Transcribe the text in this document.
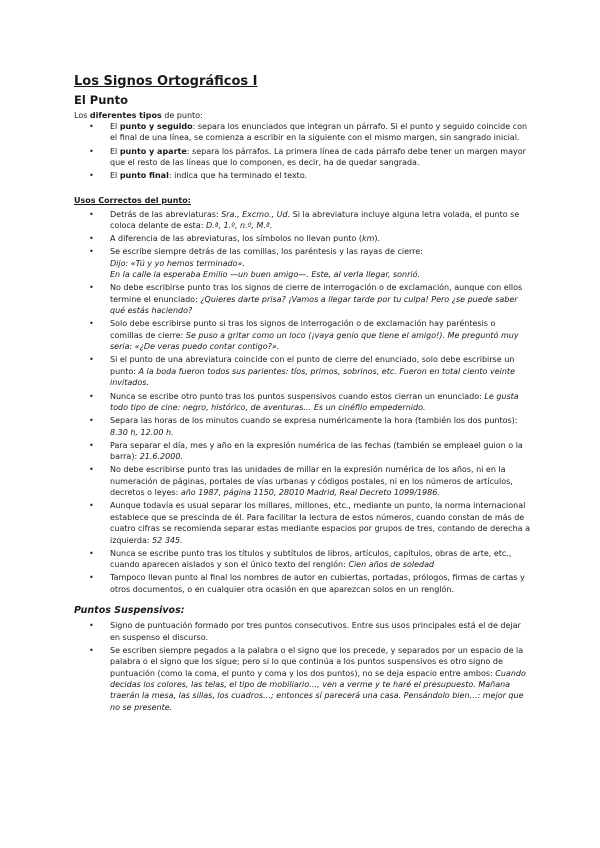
Los Signos Ortográficos I
El Punto

Los diferentes tipos de punto:

• El punto y seguido: separa los enunciados que integran un párrafo. Si el punto y seguido coincide con el final de una línea, se comienza a escribir en la siguiente con el mismo margen, sin sangrado inicial.
• El punto y aparte: separa los párrafos. La primera línea de cada párrafo debe tener un margen mayor que el resto de las líneas que lo componen, es decir, ha de quedar sangrada.
• El punto final: indica que ha terminado el texto.
Usos Correctos del punto:
• Detrás de las abreviaturas: Sra., Excmo., Ud. Si la abreviatura incluye alguna letra volada, el punto se coloca delante de esta: D.ª, 1.º, n.º, M.ª.
• A diferencia de las abreviaturas, los símbolos no llevan punto (km).
• Se escribe siempre detrás de las comillas, los paréntesis y las rayas de cierre:
Dijo: «Tú y yo hemos terminado».
En la calle la esperaba Emilio —un buen amigo—. Este, al verla llegar, sonrió.
• No debe escribirse punto tras los signos de cierre de interrogación o de exclamación, aunque con ellos termine el enunciado: ¿Quieres darte prisa? ¡Vamos a llegar tarde por tu culpa! Pero ¿se puede saber qué estás haciendo?
• Solo debe escribirse punto si tras los signos de interrogación o de exclamación hay paréntesis o comillas de cierre: Se puso a gritar como un loco (¡vaya genio que tiene el amigo!). Me preguntó muy seria: «¿De veras puedo contar contigo?».
• Si el punto de una abreviatura coincide con el punto de cierre del enunciado, solo debe escribirse un punto: A la boda fueron todos sus parientes: tíos, primos, sobrinos, etc. Fueron en total ciento veinte invitados.
• Nunca se escribe otro punto tras los puntos suspensivos cuando estos cierran un enunciado: Le gusta todo tipo de cine: negro, histórico, de aventuras… Es un cinéfilo empedernido.
• Separa las horas de los minutos cuando se expresa numéricamente la hora (también los dos puntos): 8.30 h, 12.00 h.
• Para separar el día, mes y año en la expresión numérica de las fechas (también se empleael guion o la barra): 21.6.2000.
• No debe escribirse punto tras las unidades de millar en la expresión numérica de los años, ni en la numeración de páginas, portales de vías urbanas y códigos postales, ni en los números de artículos, decretos o leyes: año 1987, página 1150, 28010 Madrid, Real Decreto 1099/1986.
• Aunque todavía es usual separar los millares, millones, etc., mediante un punto, la norma internacional establece que se prescinda de él. Para facilitar la lectura de estos números, cuando constan de más de cuatro cifras se recomienda separar estas mediante espacios por grupos de tres, contando de derecha a izquierda: 52 345.
• Nunca se escribe punto tras los títulos y subtítulos de libros, artículos, capítulos, obras de arte, etc., cuando aparecen aislados y son el único texto del renglón: Cien años de soledad
• Tampoco llevan punto al final los nombres de autor en cubiertas, portadas, prólogos, firmas de cartas y otros documentos, o en cualquier otra ocasión en que aparezcan solos en un renglón.
Puntos Suspensivos:
• Signo de puntuación formado por tres puntos consecutivos. Entre sus usos principales está el de dejar en suspenso el discurso.
• Se escriben siempre pegados a la palabra o el signo que los precede, y separados por un espacio de la palabra o el signo que los sigue; pero si lo que continúa a los puntos suspensivos es otro signo de puntuación (como la coma, el punto y coma y los dos puntos), no se deja espacio entre ambos: Cuando decidas los colores, las telas, el tipo de mobiliario…, ven a verme y te haré el presupuesto. Mañana traerán la mesa, las sillas, los cuadros…; entonces sí parecerá una casa. Pensándolo bien…: mejor que no se presente.
